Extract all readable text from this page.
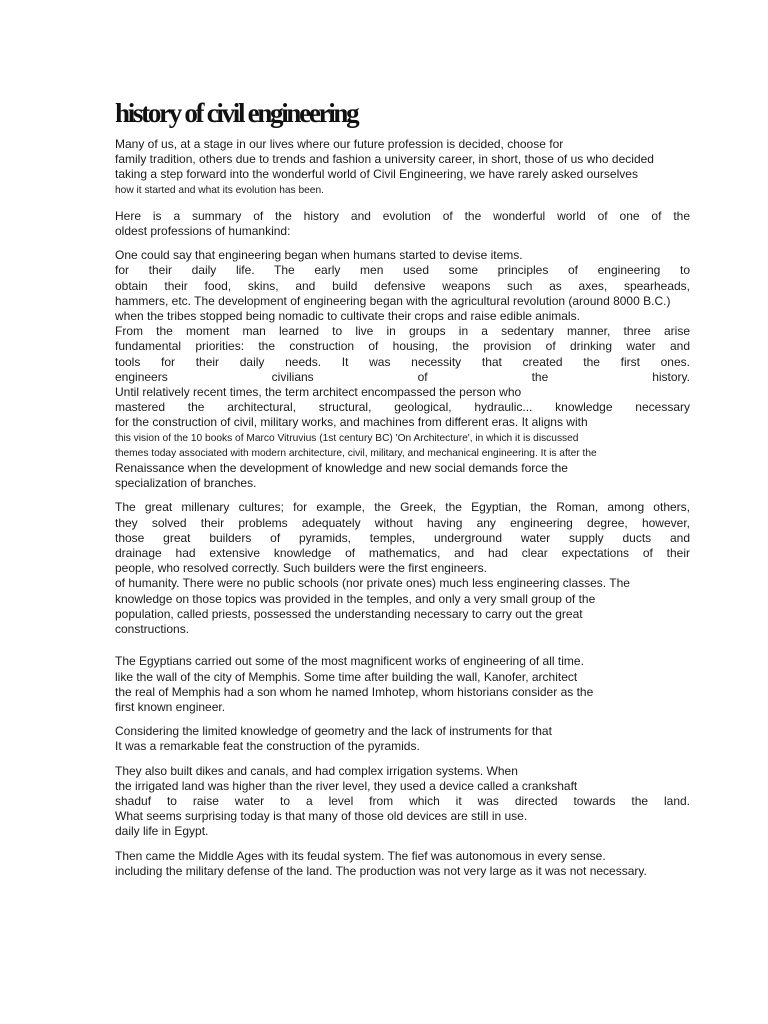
history of civil engineering

Many of us, at a stage in our lives where our future profession is decided, choose for
family tradition, others due to trends and fashion a university career, in short, those of us who decided
taking a step forward into the wonderful world of Civil Engineering, we have rarely asked ourselves
how it started and what its evolution has been.

Here is a summary of the history and evolution of the wonderful world of one of the
oldest professions of humankind:

One could say that engineering began when humans started to devise items.
for their daily life. The early men used some principles of engineering to
obtain their food, skins, and build defensive weapons such as axes, spearheads,
hammers, etc. The development of engineering began with the agricultural revolution (around 8000 B.C.)
when the tribes stopped being nomadic to cultivate their crops and raise edible animals.
From the moment man learned to live in groups in a sedentary manner, three arise
fundamental priorities: the construction of housing, the provision of drinking water and
tools for their daily needs. It was necessity that created the first ones.
engineers civilians of the history.
Until relatively recent times, the term architect encompassed the person who
mastered the architectural, structural, geological, hydraulic... knowledge necessary
for the construction of civil, military works, and machines from different eras. It aligns with
this vision of the 10 books of Marco Vitruvius (1st century BC) 'On Architecture', in which it is discussed
themes today associated with modern architecture, civil, military, and mechanical engineering. It is after the
Renaissance when the development of knowledge and new social demands force the
specialization of branches.

The great millenary cultures; for example, the Greek, the Egyptian, the Roman, among others,
they solved their problems adequately without having any engineering degree, however,
those great builders of pyramids, temples, underground water supply ducts and
drainage had extensive knowledge of mathematics, and had clear expectations of their
people, who resolved correctly. Such builders were the first engineers.
of humanity. There were no public schools (nor private ones) much less engineering classes. The
knowledge on those topics was provided in the temples, and only a very small group of the
population, called priests, possessed the understanding necessary to carry out the great
constructions.

The Egyptians carried out some of the most magnificent works of engineering of all time.
like the wall of the city of Memphis. Some time after building the wall, Kanofer, architect
the real of Memphis had a son whom he named Imhotep, whom historians consider as the
first known engineer.

Considering the limited knowledge of geometry and the lack of instruments for that
It was a remarkable feat the construction of the pyramids.

They also built dikes and canals, and had complex irrigation systems. When
the irrigated land was higher than the river level, they used a device called a crankshaft
shaduf to raise water to a level from which it was directed towards the land.
What seems surprising today is that many of those old devices are still in use.
daily life in Egypt.

Then came the Middle Ages with its feudal system. The fief was autonomous in every sense.
including the military defense of the land. The production was not very large as it was not necessary.
